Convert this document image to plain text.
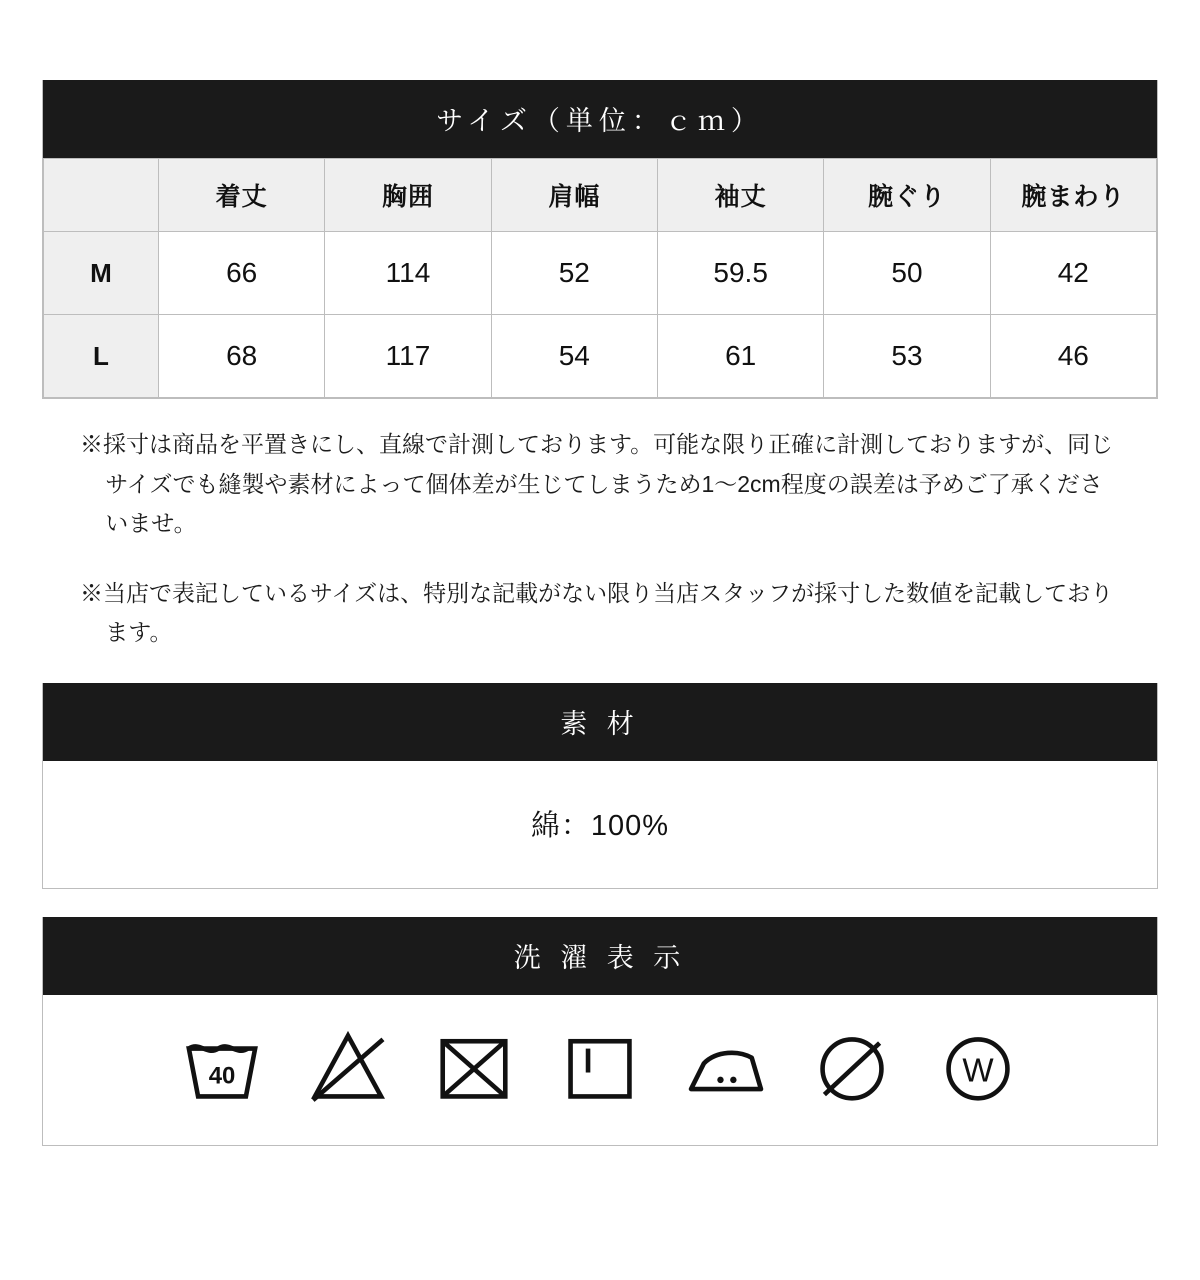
サイズ（単位：ｃｍ）
	着丈	胸囲	肩幅	袖丈	腕ぐり	腕まわり
M	66	114	52	59.5	50	42
L	68	117	54	61	53	46

※採寸は商品を平置きにし、直線で計測しております。可能な限り正確に計測しておりますが、同じサイズでも縫製や素材によって個体差が生じてしまうため1〜2cm程度の誤差は予めご了承くださいませ。

※当店で表記しているサイズは、特別な記載がない限り当店スタッフが採寸した数値を記載しております。

素 材
綿：100%
洗 濯 表 示
40	W
